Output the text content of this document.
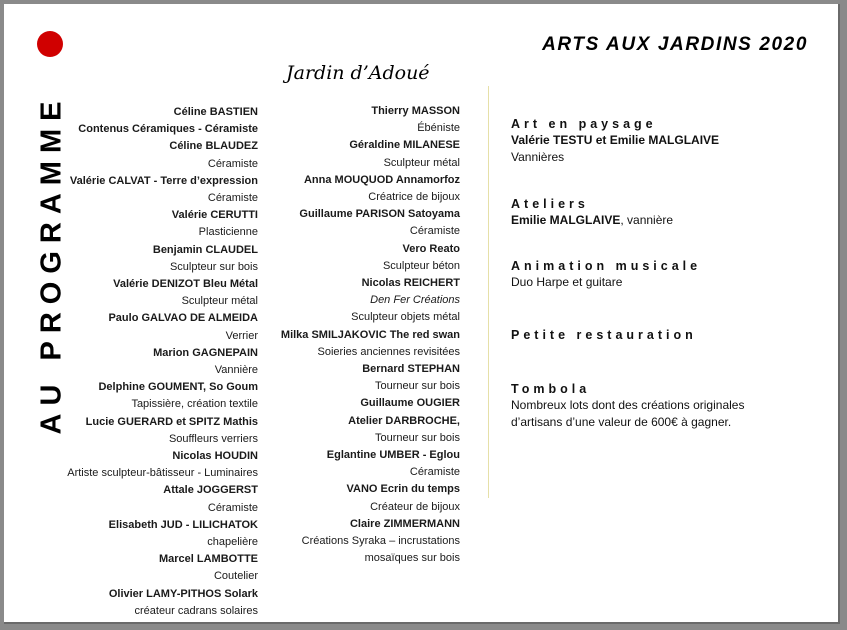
AU PROGRAMME
ARTS AUX JARDINS 2020
Jardin d’Adoué
Céline BASTIEN
Contenus Céramiques - Céramiste
Céline BLAUDEZ
Céramiste
Valérie CALVAT - Terre d’expression
Céramiste
Valérie CERUTTI
Plasticienne
Benjamin CLAUDEL
Sculpteur sur bois
Valérie DENIZOT Bleu Métal
Sculpteur métal
Paulo GALVAO DE ALMEIDA
Verrier
Marion GAGNEPAIN
Vannière
Delphine GOUMENT, So Goum
Tapissière, création textile
Lucie GUERARD et SPITZ Mathis
Souffleurs verriers
Nicolas HOUDIN
Artiste sculpteur-bâtisseur - Luminaires
Attale JOGGERST
Céramiste
Elisabeth JUD - LILICHATOK
chapelière
Marcel LAMBOTTE
Coutelier
Olivier LAMY-PITHOS Solark
créateur cadrans solaires
Thierry MASSON
Ébéniste
Géraldine MILANESE
Sculpteur métal
Anna MOUQUOD Annamorfoz
Créatrice de bijoux
Guillaume PARISON Satoyama
Céramiste
Vero Reato
Sculpteur béton
Nicolas REICHERT
Den Fer Créations
Sculpteur objets métal
Milka SMILJAKOVIC The red swan
Soieries anciennes revisitées
Bernard STEPHAN
Tourneur sur bois
Guillaume OUGIER
Atelier DARBROCHE,
Tourneur sur bois
Eglantine UMBER - Eglou
Céramiste
VANO Ecrin du temps
Créateur de bijoux
Claire ZIMMERMANN
Créations Syraka – incrustations
mosaïques sur bois
Art en paysage
Valérie TESTU et Emilie MALGLAIVE
Vannières
Ateliers
Emilie MALGLAIVE, vannière
Animation musicale
Duo Harpe et guitare
Petite restauration
Tombola
Nombreux lots dont des créations originales
d’artisans d’une valeur de 600€ à gagner.
